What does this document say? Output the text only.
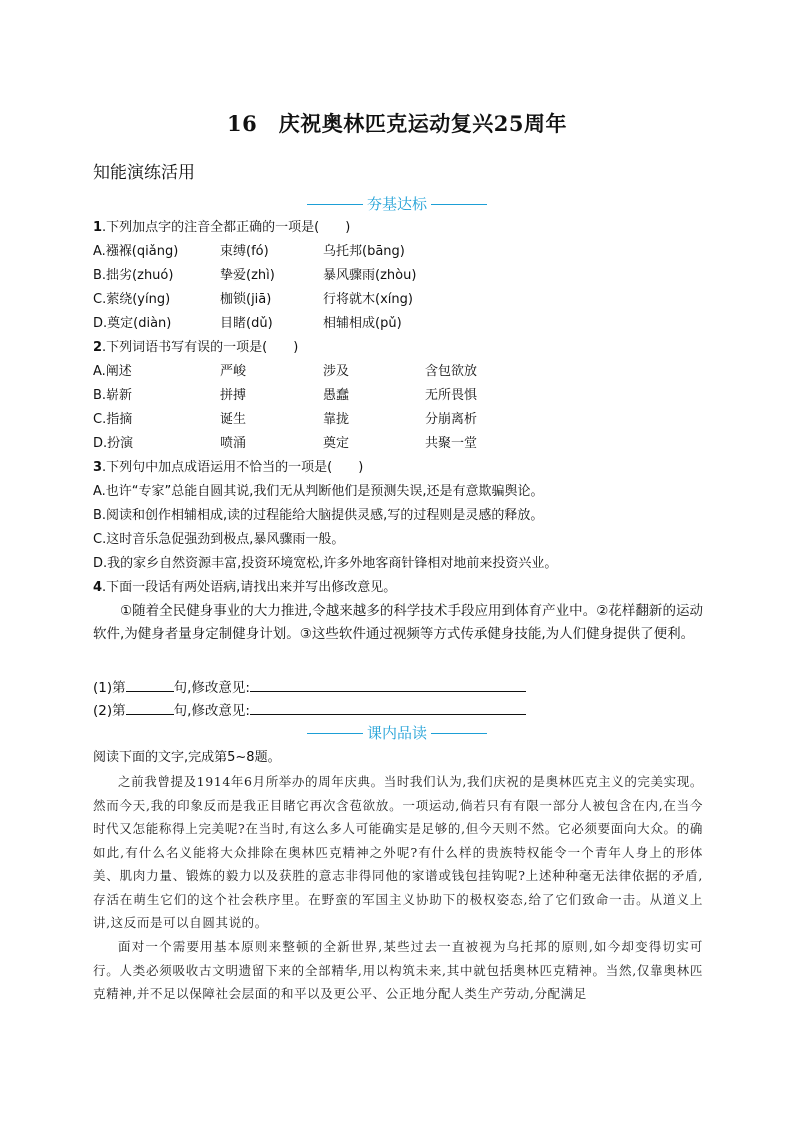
16　庆祝奥林匹克运动复兴25周年
知能演练活用
夯基达标
1.下列加点字的注音全都正确的一项是(　　)
A.襁褓(qiǎng)	束缚(fó)	乌托邦(bāng)
B.拙劣(zhuó)	挚爱(zhì)	暴风骤雨(zhòu)
C.萦绕(yíng)	枷锁(jiā)	行将就木(xíng)
D.奠定(diàn)	目睹(dǔ)	相辅相成(pǔ)
2.下列词语书写有误的一项是(　　)
A.阐述	严峻	涉及	含包欲放
B.崭新	拼搏	愚蠢	无所畏惧
C.指摘	诞生	靠拢	分崩离析
D.扮演	喷涌	奠定	共聚一堂
3.下列句中加点成语运用不恰当的一项是(　　)
A.也许“专家”总能自圆其说,我们无从判断他们是预测失误,还是有意欺骗舆论。
B.阅读和创作相辅相成,读的过程能给大脑提供灵感,写的过程则是灵感的释放。
C.这时音乐急促强劲到极点,暴风骤雨一般。
D.我的家乡自然资源丰富,投资环境宽松,许多外地客商针锋相对地前来投资兴业。
4.下面一段话有两处语病,请找出来并写出修改意见。
①随着全民健身事业的大力推进,令越来越多的科学技术手段应用到体育产业中。②花样翻新的运动软件,为健身者量身定制健身计划。③这些软件通过视频等方式传承健身技能,为人们健身提供了便利。
(1)第	句,修改意见:
(2)第	句,修改意见:
课内品读
阅读下面的文字,完成第5~8题。
之前我曾提及1914年6月所举办的周年庆典。当时我们认为,我们庆祝的是奥林匹克主义的完美实现。然而今天,我的印象反而是我正目睹它再次含苞欲放。一项运动,倘若只有有限一部分人被包含在内,在当今时代又怎能称得上完美呢?在当时,有这么多人可能确实是足够的,但今天则不然。它必须要面向大众。的确如此,有什么名义能将大众排除在奥林匹克精神之外呢?有什么样的贵族特权能令一个青年人身上的形体美、肌肉力量、锻炼的毅力以及获胜的意志非得同他的家谱或钱包挂钩呢?上述种种毫无法律依据的矛盾,存活在萌生它们的这个社会秩序里。在野蛮的军国主义协助下的极权姿态,给了它们致命一击。从道义上讲,这反而是可以自圆其说的。
面对一个需要用基本原则来整顿的全新世界,某些过去一直被视为乌托邦的原则,如今却变得切实可行。人类必须吸收古文明遗留下来的全部精华,用以构筑未来,其中就包括奥林匹克精神。当然,仅靠奥林匹克精神,并不足以保障社会层面的和平以及更公平、公正地分配人类生产劳动,分配满足
